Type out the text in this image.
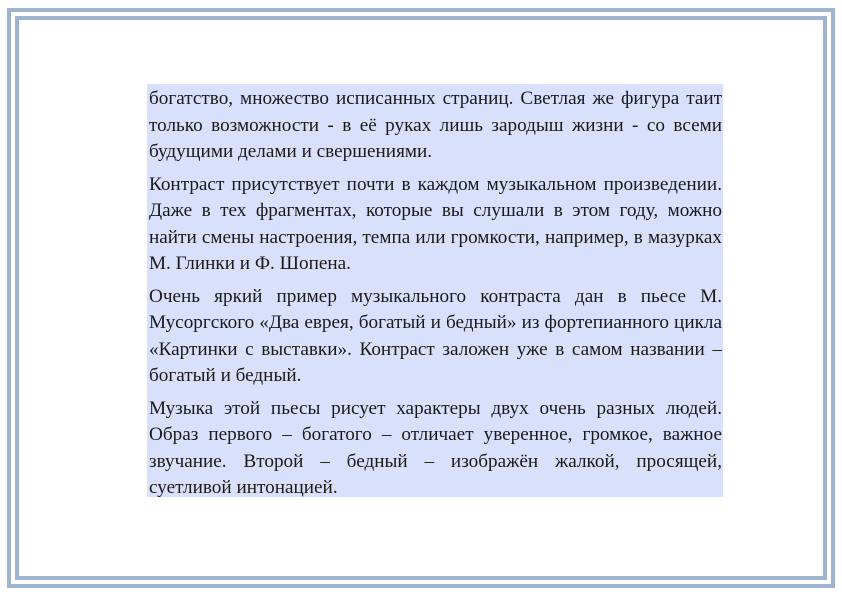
богатство, множество исписанных страниц. Светлая же фигура таит только возможности - в её руках лишь зародыш жизни - со всеми будущими делами и свершениями.

Контраст присутствует почти в каждом музыкальном произведении. Даже в тех фрагментах, которые вы слушали в этом году, можно найти смены настроения, темпа или громкости, например, в мазурках М. Глинки и Ф. Шопена.

Очень яркий пример музыкального контраста дан в пьесе М. Мусоргского «Два еврея, богатый и бедный» из фортепианного цикла «Картинки с выставки». Контраст заложен уже в самом названии – богатый и бедный.

Музыка этой пьесы рисует характеры двух очень разных людей. Образ первого – богатого – отличает уверенное, громкое, важное звучание. Второй – бедный – изображён жалкой, просящей, суетливой интонацией.
